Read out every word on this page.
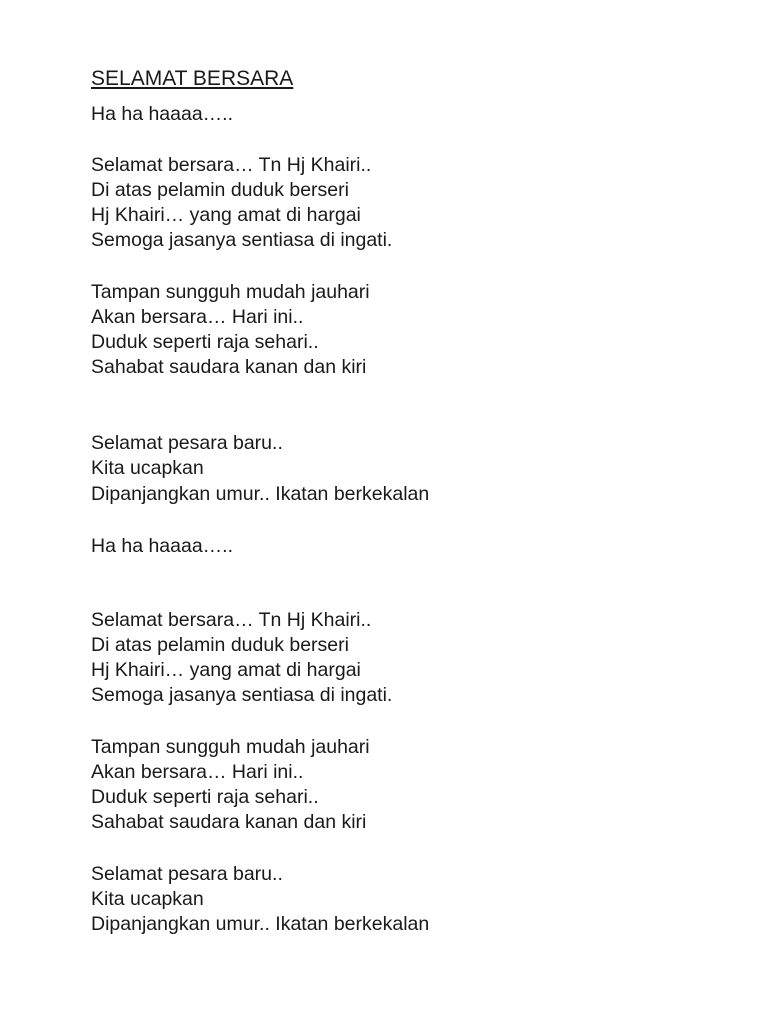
SELAMAT BERSARA

Ha ha haaaa…..

Selamat bersara… Tn Hj Khairi..

Di atas pelamin duduk berseri

Hj Khairi… yang amat di hargai

Semoga jasanya sentiasa di ingati.

Tampan sungguh mudah jauhari

Akan bersara… Hari ini..

Duduk seperti raja sehari..

Sahabat saudara kanan dan kiri

Selamat pesara baru..

Kita ucapkan

Dipanjangkan umur.. Ikatan berkekalan

Ha ha haaaa…..

Selamat bersara… Tn Hj Khairi..

Di atas pelamin duduk berseri

Hj Khairi… yang amat di hargai

Semoga jasanya sentiasa di ingati.

Tampan sungguh mudah jauhari

Akan bersara… Hari ini..

Duduk seperti raja sehari..

Sahabat saudara kanan dan kiri

Selamat pesara baru..

Kita ucapkan

Dipanjangkan umur.. Ikatan berkekalan
